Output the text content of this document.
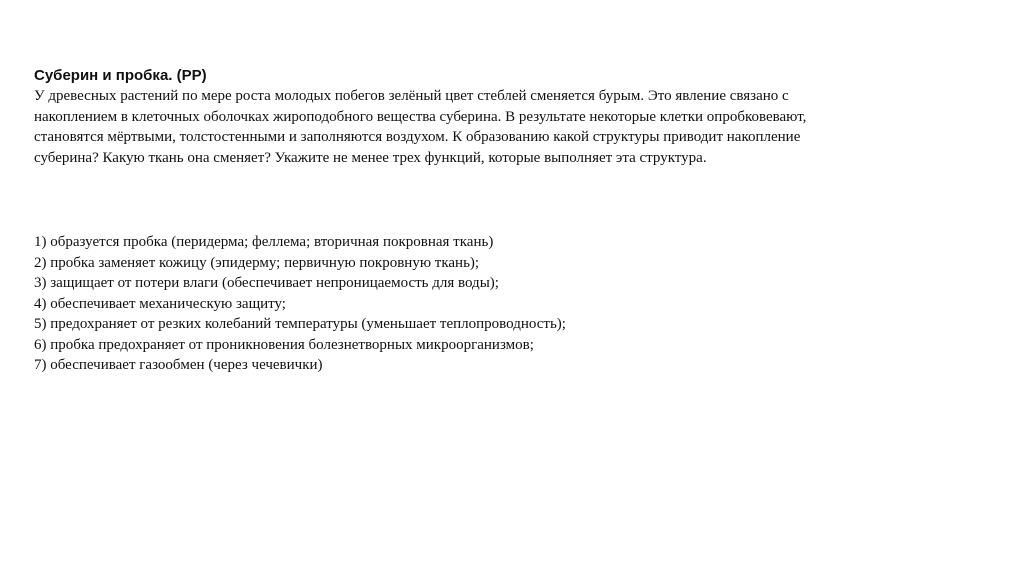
Суберин и пробка. (РР)

У древесных растений по мере роста молодых побегов зелёный цвет стеблей сменяется бурым. Это явление связано с

накоплением в клеточных оболочках жироподобного вещества суберина. В результате некоторые клетки опробковевают,

становятся мёртвыми, толстостенными и заполняются воздухом. К образованию какой структуры приводит накопление

суберина? Какую ткань она сменяет? Укажите не менее трех функций, которые выполняет эта структура.

1) образуется пробка (перидерма; феллема; вторичная покровная ткань)
2) пробка заменяет кожицу (эпидерму; первичную покровную ткань);
3) защищает от потери влаги (обеспечивает непроницаемость для воды);
4) обеспечивает механическую защиту;
5) предохраняет от резких колебаний температуры (уменьшает теплопроводность);
6) пробка предохраняет от проникновения болезнетворных микроорганизмов;
7) обеспечивает газообмен (через чечевички)
